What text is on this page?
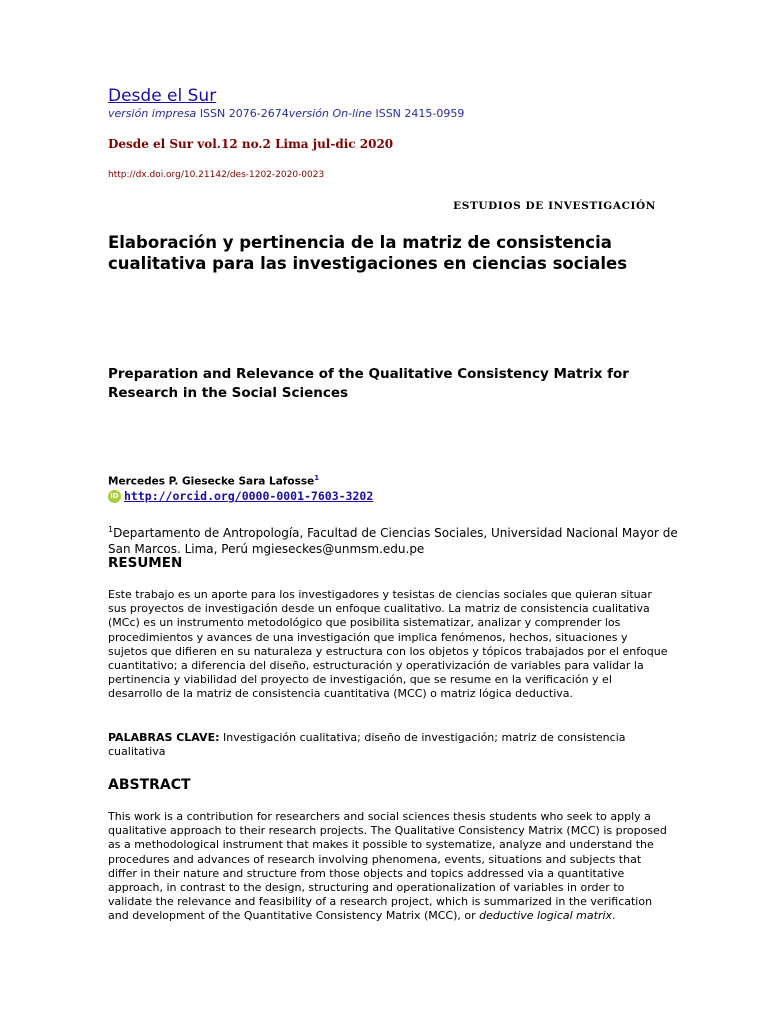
Desde el Sur

versión impresa ISSN 2076-2674versión On-line ISSN 2415-0959

Desde el Sur vol.12 no.2 Lima jul-dic 2020

http://dx.doi.org/10.21142/des-1202-2020-0023

ESTUDIOS DE INVESTIGACIÓN

Elaboración y pertinencia de la matriz de consistencia cualitativa para las investigaciones en ciencias sociales
Preparation and Relevance of the Qualitative Consistency Matrix for Research in the Social Sciences

Mercedes P. Giesecke Sara Lafosse$^1$

iD http://orcid.org/0000-0001-7603-3202

$^1$Departamento de Antropología, Facultad de Ciencias Sociales, Universidad Nacional Mayor de San Marcos. Lima, Perú mgieseckes@unmsm.edu.pe

RESUMEN

Este trabajo es un aporte para los investigadores y tesistas de ciencias sociales que quieran situar sus proyectos de investigación desde un enfoque cualitativo. La matriz de consistencia cualitativa (MCc) es un instrumento metodológico que posibilita sistematizar, analizar y comprender los procedimientos y avances de una investigación que implica fenómenos, hechos, situaciones y sujetos que difieren en su naturaleza y estructura con los objetos y tópicos trabajados por el enfoque cuantitativo; a diferencia del diseño, estructuración y operativización de variables para validar la pertinencia y viabilidad del proyecto de investigación, que se resume en la verificación y el desarrollo de la matriz de consistencia cuantitativa (MCC) o matriz lógica deductiva.

PALABRAS CLAVE: Investigación cualitativa; diseño de investigación; matriz de consistencia cualitativa

ABSTRACT

This work is a contribution for researchers and social sciences thesis students who seek to apply a qualitative approach to their research projects. The Qualitative Consistency Matrix (MCC) is proposed as a methodological instrument that makes it possible to systematize, analyze and understand the procedures and advances of research involving phenomena, events, situations and subjects that differ in their nature and structure from those objects and topics addressed via a quantitative approach, in contrast to the design, structuring and operationalization of variables in order to validate the relevance and feasibility of a research project, which is summarized in the verification and development of the Quantitative Consistency Matrix (MCC), or deductive logical matrix.
